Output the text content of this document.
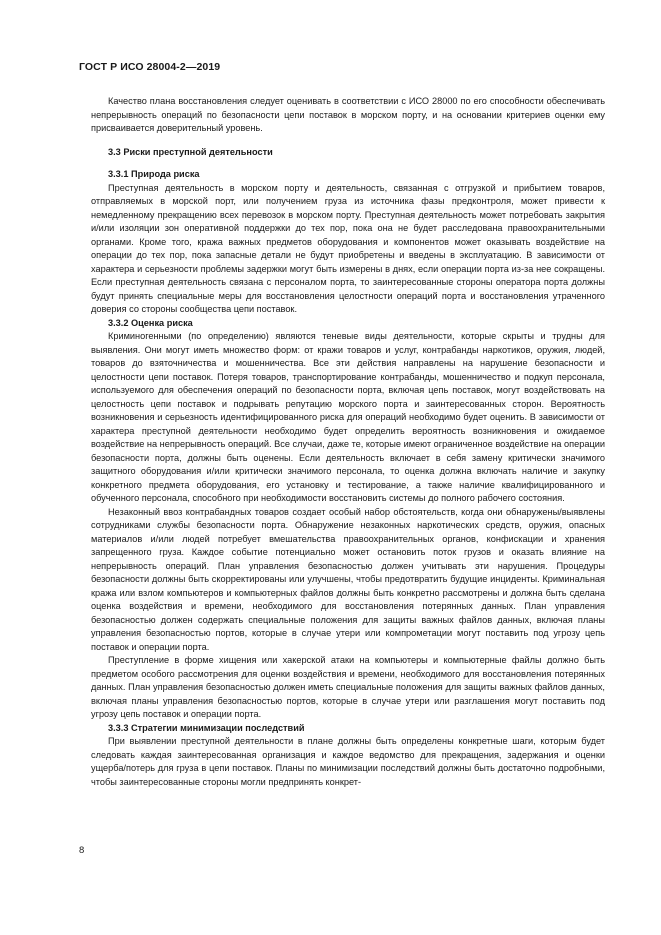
ГОСТ Р ИСО 28004-2—2019

Качество плана восстановления следует оценивать в соответствии с ИСО 28000 по его способности обеспечивать непрерывность операций по безопасности цепи поставок в морском порту, и на основании критериев оценки ему присваивается доверительный уровень.

3.3 Риски преступной деятельности
3.3.1 Природа риска

Преступная деятельность в морском порту и деятельность, связанная с отгрузкой и прибытием товаров, отправляемых в морской порт, или получением груза из источника фазы предконтроля, может привести к немедленному прекращению всех перевозок в морском порту. Преступная деятельность может потребовать закрытия и/или изоляции зон оперативной поддержки до тех пор, пока она не будет расследована правоохранительными органами. Кроме того, кража важных предметов оборудования и компонентов может оказывать воздействие на операции до тех пор, пока запасные детали не будут приобретены и введены в эксплуатацию. В зависимости от характера и серьезности проблемы задержки могут быть измерены в днях, если операции порта из-за нее сокращены. Если преступная деятельность связана с персоналом порта, то заинтересованные стороны оператора порта должны будут принять специальные меры для восстановления целостности операций порта и восстановления утраченного доверия со стороны сообщества цепи поставок.

3.3.2 Оценка риска

Криминогенными (по определению) являются теневые виды деятельности, которые скрыты и трудны для выявления. Они могут иметь множество форм: от кражи товаров и услуг, контрабанды наркотиков, оружия, людей, товаров до взяточничества и мошенничества. Все эти действия направлены на нарушение безопасности и целостности цепи поставок. Потеря товаров, транспортирование контрабанды, мошенничество и подкуп персонала, используемого для обеспечения операций по безопасности порта, включая цепь поставок, могут воздействовать на целостность цепи поставок и подрывать репутацию морского порта и заинтересованных сторон. Вероятность возникновения и серьезность идентифицированного риска для операций необходимо будет оценить. В зависимости от характера преступной деятельности необходимо будет определить вероятность возникновения и ожидаемое воздействие на непрерывность операций. Все случаи, даже те, которые имеют ограниченное воздействие на операции безопасности порта, должны быть оценены. Если деятельность включает в себя замену критически значимого защитного оборудования и/или критически значимого персонала, то оценка должна включать наличие и закупку конкретного предмета оборудования, его установку и тестирование, а также наличие квалифицированного и обученного персонала, способного при необходимости восстановить системы до полного рабочего состояния.

Незаконный ввоз контрабандных товаров создает особый набор обстоятельств, когда они обнаружены/выявлены сотрудниками службы безопасности порта. Обнаружение незаконных наркотических средств, оружия, опасных материалов и/или людей потребует вмешательства правоохранительных органов, конфискации и хранения запрещенного груза. Каждое событие потенциально может остановить поток грузов и оказать влияние на непрерывность операций. План управления безопасностью должен учитывать эти нарушения. Процедуры безопасности должны быть скорректированы или улучшены, чтобы предотвратить будущие инциденты. Криминальная кража или взлом компьютеров и компьютерных файлов должны быть конкретно рассмотрены и должна быть сделана оценка воздействия и времени, необходимого для восстановления потерянных данных. План управления безопасностью должен содержать специальные положения для защиты важных файлов данных, включая планы управления безопасностью портов, которые в случае утери или компрометации могут поставить под угрозу цепь поставок и операции порта.

Преступление в форме хищения или хакерской атаки на компьютеры и компьютерные файлы должно быть предметом особого рассмотрения для оценки воздействия и времени, необходимого для восстановления потерянных данных. План управления безопасностью должен иметь специальные положения для защиты важных файлов данных, включая планы управления безопасностью портов, которые в случае утери или разглашения могут поставить под угрозу цепь поставок и операции порта.

3.3.3 Стратегии минимизации последствий

При выявлении преступной деятельности в плане должны быть определены конкретные шаги, которым будет следовать каждая заинтересованная организация и каждое ведомство для прекращения, задержания и оценки ущерба/потерь для груза в цепи поставок. Планы по минимизации последствий должны быть достаточно подробными, чтобы заинтересованные стороны могли предпринять конкрет-

8
